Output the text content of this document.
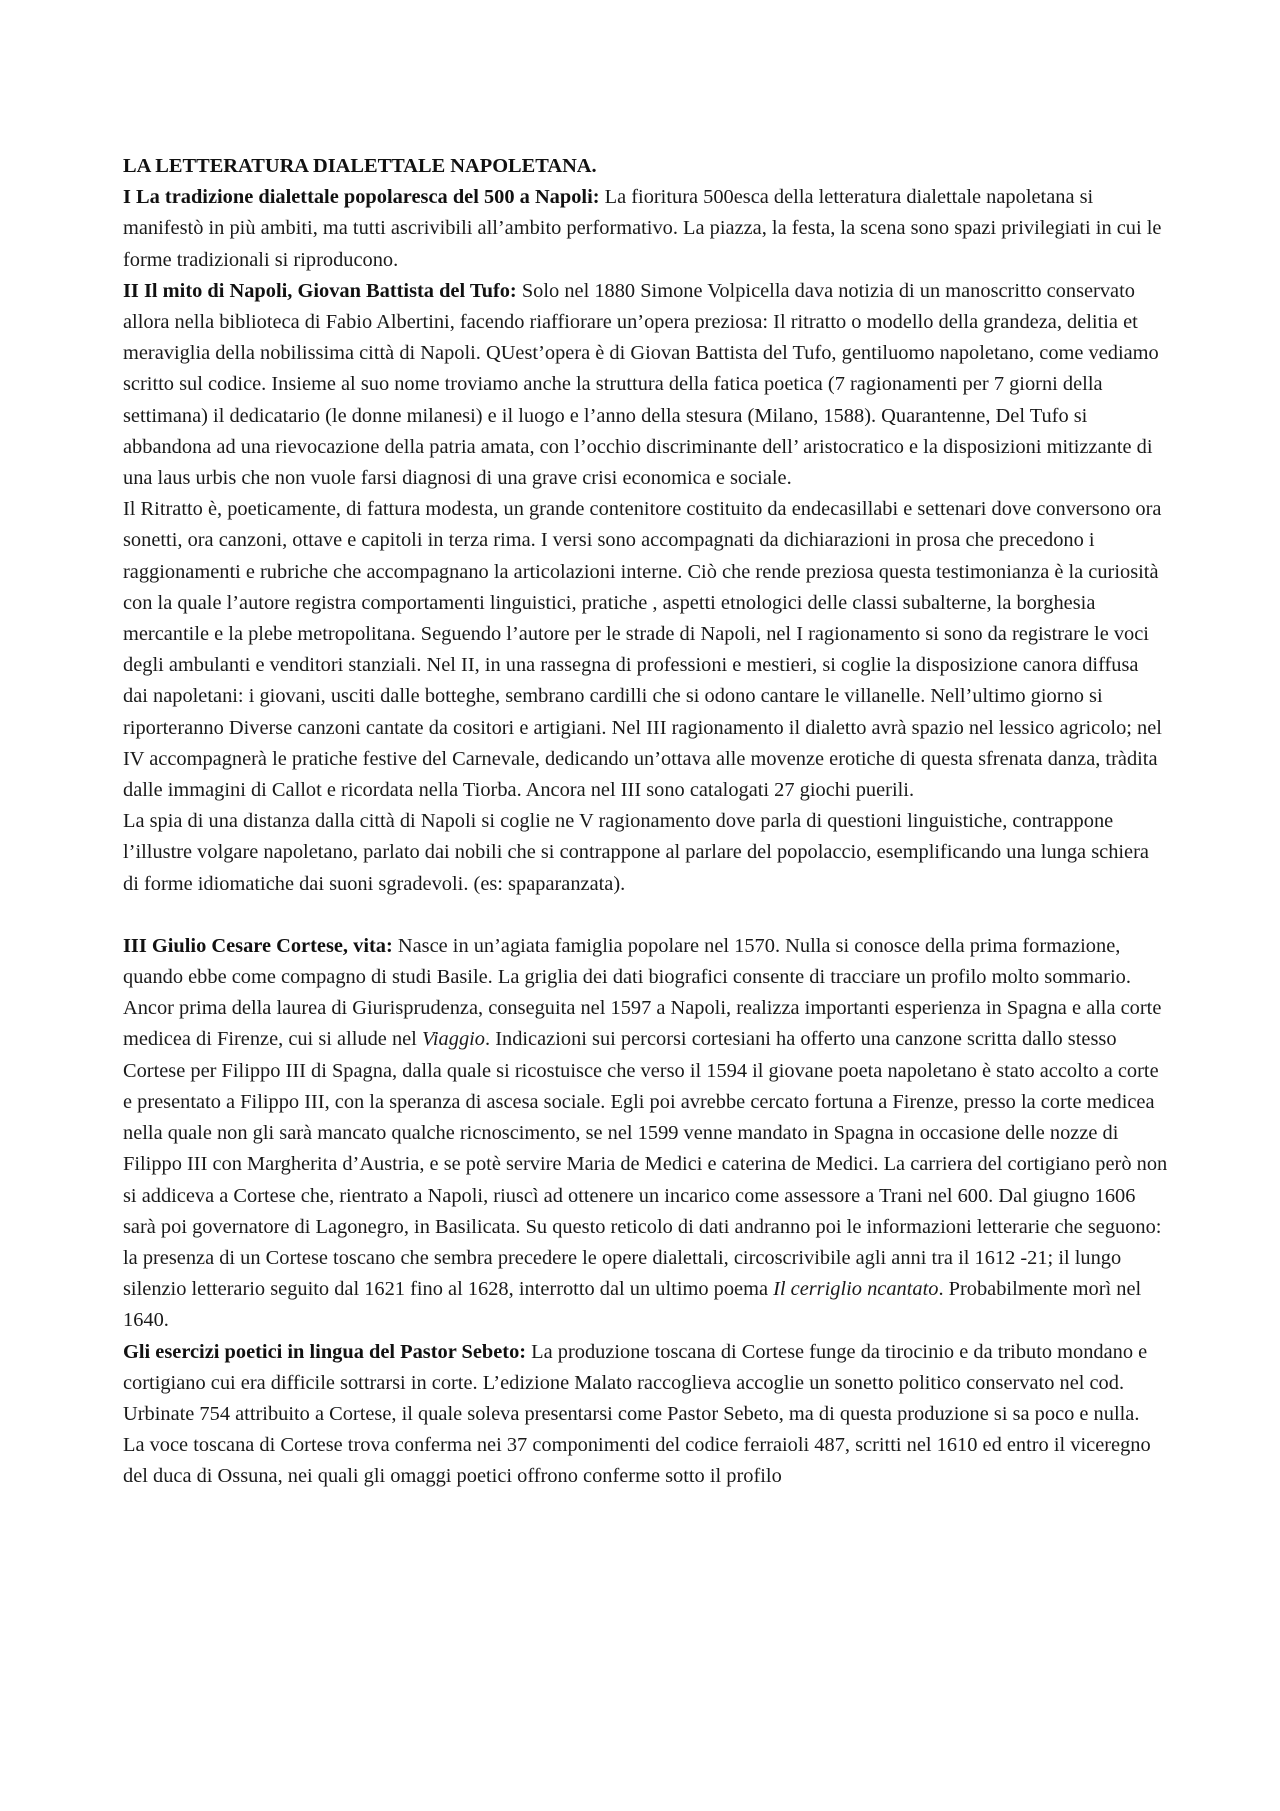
LA LETTERATURA DIALETTALE NAPOLETANA.

I La tradizione dialettale popolaresca del 500 a Napoli: La fioritura 500esca della letteratura dialettale napoletana si manifestò in più ambiti, ma tutti ascrivibili all’ambito performativo. La piazza, la festa, la scena sono spazi privilegiati in cui le forme tradizionali si riproducono.

II Il mito di Napoli, Giovan Battista del Tufo: Solo nel 1880 Simone Volpicella dava notizia di un manoscritto conservato allora nella biblioteca di Fabio Albertini, facendo riaffiorare un’opera preziosa: Il ritratto o modello della grandeza, delitia et meraviglia della nobilissima città di Napoli. QUest’opera è di Giovan Battista del Tufo, gentiluomo napoletano, come vediamo scritto sul codice. Insieme al suo nome troviamo anche la struttura della fatica poetica (7 ragionamenti per 7 giorni della settimana) il dedicatario (le donne milanesi) e il luogo e l’anno della stesura (Milano, 1588). Quarantenne, Del Tufo si abbandona ad una rievocazione della patria amata, con l’occhio discriminante dell’ aristocratico e la disposizioni mitizzante di una laus urbis che non vuole farsi diagnosi di una grave crisi economica e sociale.

Il Ritratto è, poeticamente, di fattura modesta, un grande contenitore costituito da endecasillabi e settenari dove conversono ora sonetti, ora canzoni, ottave e capitoli in terza rima. I versi sono accompagnati da dichiarazioni in prosa che precedono i raggionamenti e rubriche che accompagnano la articolazioni interne. Ciò che rende preziosa questa testimonianza è la curiosità con la quale l’autore registra comportamenti linguistici, pratiche , aspetti etnologici delle classi subalterne, la borghesia mercantile e la plebe metropolitana. Seguendo l’autore per le strade di Napoli, nel I ragionamento si sono da registrare le voci degli ambulanti e venditori stanziali. Nel II, in una rassegna di professioni e mestieri, si coglie la disposizione canora diffusa dai napoletani: i giovani, usciti dalle botteghe, sembrano cardilli che si odono cantare le villanelle. Nell’ultimo giorno si riporteranno Diverse canzoni cantate da cositori e artigiani. Nel III ragionamento il dialetto avrà spazio nel lessico agricolo; nel IV accompagnerà le pratiche festive del Carnevale, dedicando un’ottava alle movenze erotiche di questa sfrenata danza, tràdita dalle immagini di Callot e ricordata nella Tiorba. Ancora nel III sono catalogati 27 giochi puerili.

La spia di una distanza dalla città di Napoli si coglie ne V ragionamento dove parla di questioni linguistiche, contrappone l’illustre volgare napoletano, parlato dai nobili che si contrappone al parlare del popolaccio, esemplificando una lunga schiera di forme idiomatiche dai suoni sgradevoli. (es: spaparanzata).

III Giulio Cesare Cortese, vita: Nasce in un’agiata famiglia popolare nel 1570. Nulla si conosce della prima formazione, quando ebbe come compagno di studi Basile. La griglia dei dati biografici consente di tracciare un profilo molto sommario. Ancor prima della laurea di Giurisprudenza, conseguita nel 1597 a Napoli, realizza importanti esperienza in Spagna e alla corte medicea di Firenze, cui si allude nel Viaggio. Indicazioni sui percorsi cortesiani ha offerto una canzone scritta dallo stesso Cortese per Filippo III di Spagna, dalla quale si ricostuisce che verso il 1594 il giovane poeta napoletano è stato accolto a corte e presentato a Filippo III, con la speranza di ascesa sociale. Egli poi avrebbe cercato fortuna a Firenze, presso la corte medicea nella quale non gli sarà mancato qualche ricnoscimento, se nel 1599 venne mandato in Spagna in occasione delle nozze di Filippo III con Margherita d’Austria, e se potè servire Maria de Medici e caterina de Medici. La carriera del cortigiano però non si addiceva a Cortese che, rientrato a Napoli, riuscì ad ottenere un incarico come assessore a Trani nel 600. Dal giugno 1606 sarà poi governatore di Lagonegro, in Basilicata. Su questo reticolo di dati andranno poi le informazioni letterarie che seguono: la presenza di un Cortese toscano che sembra precedere le opere dialettali, circoscrivibile agli anni tra il 1612 -21; il lungo silenzio letterario seguito dal 1621 fino al 1628, interrotto dal un ultimo poema Il cerriglio ncantato. Probabilmente morì nel 1640.

Gli esercizi poetici in lingua del Pastor Sebeto: La produzione toscana di Cortese funge da tirocinio e da tributo mondano e cortigiano cui era difficile sottrarsi in corte. L’edizione Malato raccoglieva accoglie un sonetto politico conservato nel cod. Urbinate 754 attribuito a Cortese, il quale soleva presentarsi come Pastor Sebeto, ma di questa produzione si sa poco e nulla.

La voce toscana di Cortese trova conferma nei 37 componimenti del codice ferraioli 487, scritti nel 1610 ed entro il viceregno del duca di Ossuna, nei quali gli omaggi poetici offrono conferme sotto il profilo
